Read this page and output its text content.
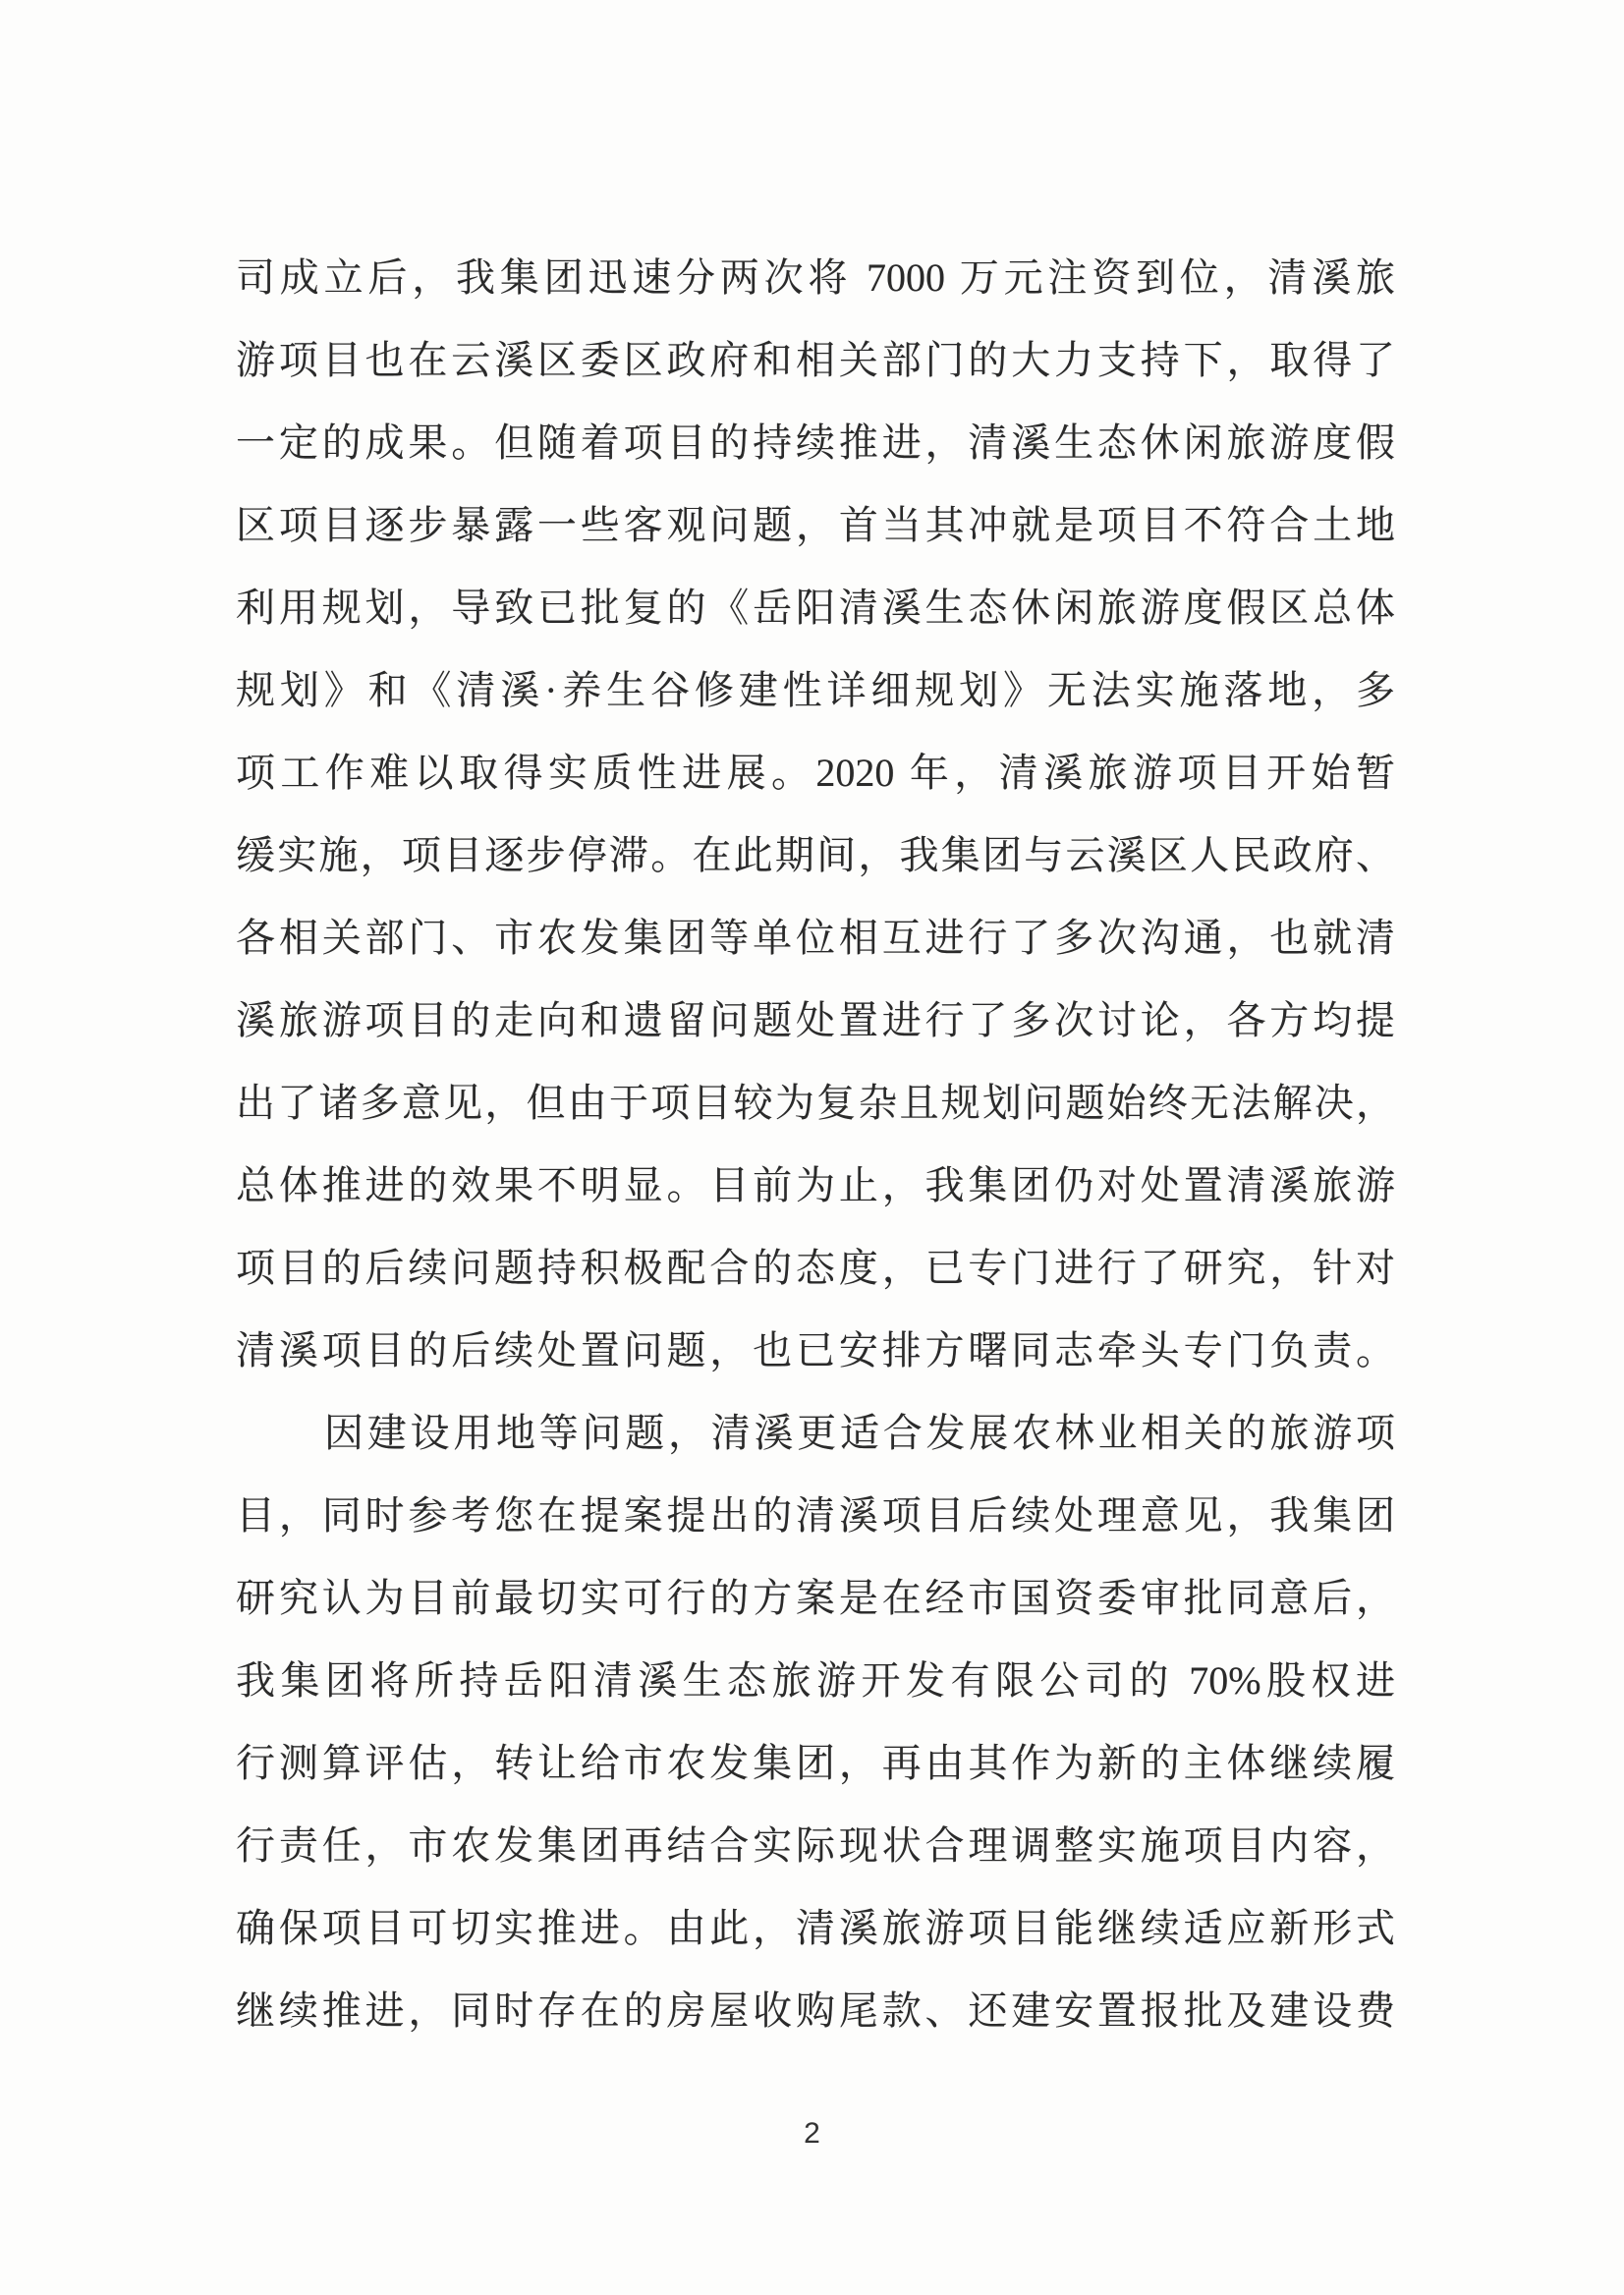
司成立后，我集团迅速分两次将 7000 万元注资到位，清溪旅
游项目也在云溪区委区政府和相关部门的大力支持下，取得了
一定的成果。但随着项目的持续推进，清溪生态休闲旅游度假
区项目逐步暴露一些客观问题，首当其冲就是项目不符合土地
利用规划，导致已批复的《岳阳清溪生态休闲旅游度假区总体
规划》和《清溪·养生谷修建性详细规划》无法实施落地，多
项工作难以取得实质性进展。2020 年，清溪旅游项目开始暂
缓实施，项目逐步停滞。在此期间，我集团与云溪区人民政府、
各相关部门、市农发集团等单位相互进行了多次沟通，也就清
溪旅游项目的走向和遗留问题处置进行了多次讨论，各方均提
出了诸多意见，但由于项目较为复杂且规划问题始终无法解决，
总体推进的效果不明显。目前为止，我集团仍对处置清溪旅游
项目的后续问题持积极配合的态度，已专门进行了研究，针对
清溪项目的后续处置问题，也已安排方曙同志牵头专门负责。
因建设用地等问题，清溪更适合发展农林业相关的旅游项
目，同时参考您在提案提出的清溪项目后续处理意见，我集团
研究认为目前最切实可行的方案是在经市国资委审批同意后，
我集团将所持岳阳清溪生态旅游开发有限公司的 70%股权进
行测算评估，转让给市农发集团，再由其作为新的主体继续履
行责任，市农发集团再结合实际现状合理调整实施项目内容，
确保项目可切实推进。由此，清溪旅游项目能继续适应新形式
继续推进，同时存在的房屋收购尾款、还建安置报批及建设费
2
